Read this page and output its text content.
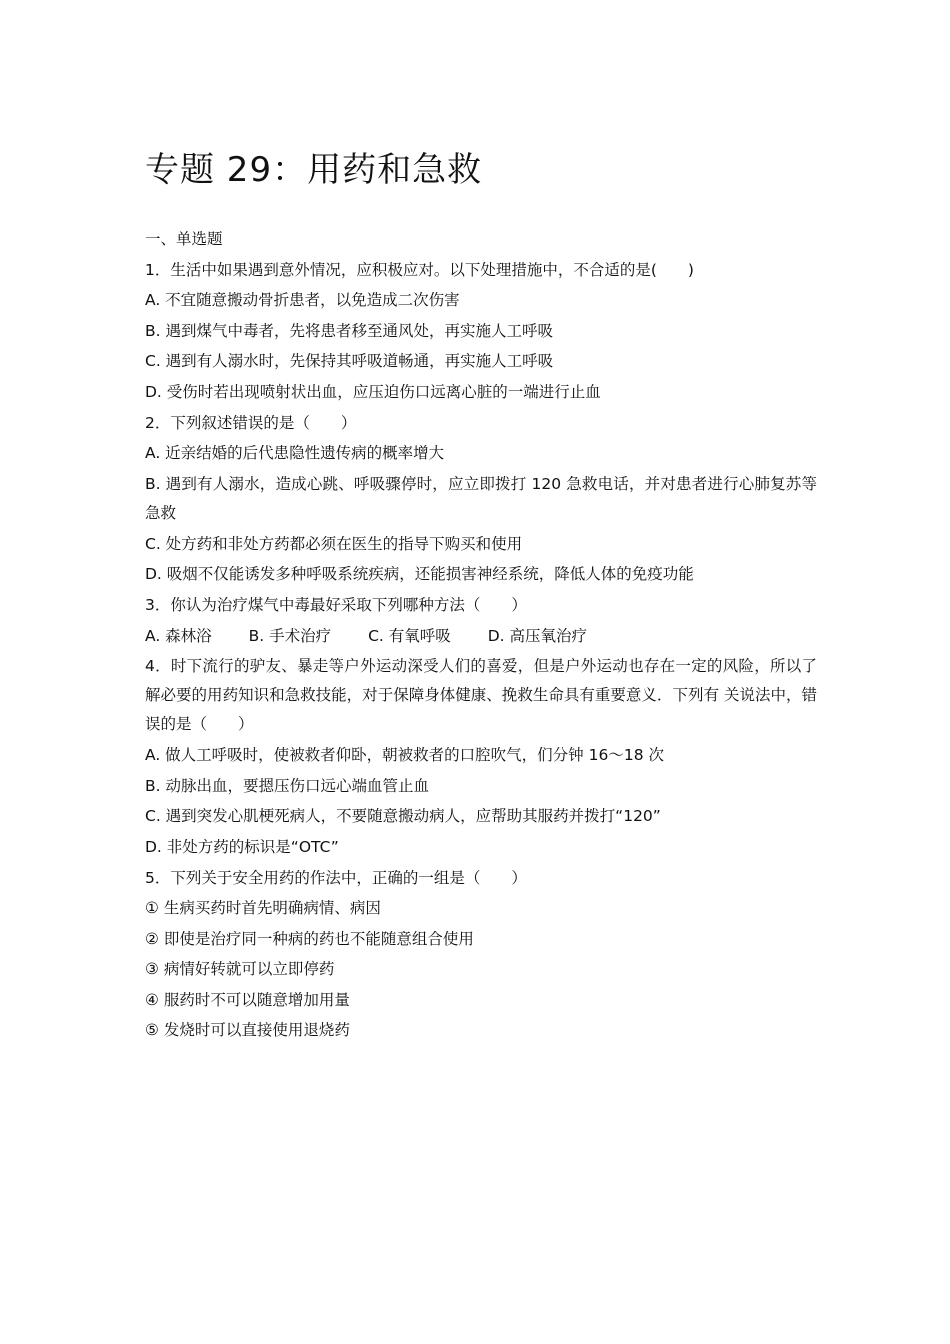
专题 29：用药和急救
一、单选题
1．生活中如果遇到意外情况，应积极应对。以下处理措施中，不合适的是(　　)
A. 不宜随意搬动骨折患者，以免造成二次伤害
B. 遇到煤气中毒者，先将患者移至通风处，再实施人工呼吸
C. 遇到有人溺水时，先保持其呼吸道畅通，再实施人工呼吸
D. 受伤时若出现喷射状出血，应压迫伤口远离心脏的一端进行止血
2．下列叙述错误的是（　　）
A. 近亲结婚的后代患隐性遗传病的概率增大
B. 遇到有人溺水，造成心跳、呼吸骤停时，应立即拨打 120 急救电话，并对患者进行心肺复苏等急救
C. 处方药和非处方药都必须在医生的指导下购买和使用
D. 吸烟不仅能诱发多种呼吸系统疾病，还能损害神经系统，降低人体的免疫功能
3．你认为治疗煤气中毒最好采取下列哪种方法（　　）
A. 森林浴 B. 手术治疗 C. 有氧呼吸 D. 高压氧治疗
4．时下流行的驴友、暴走等户外运动深受人们的喜爱，但是户外运动也存在一定的风险，所以了解必要的用药知识和急救技能，对于保障身体健康、挽救生命具有重要意义．下列有 关说法中，错误的是（　　）
A. 做人工呼吸时，使被救者仰卧，朝被救者的口腔吹气，们分钟 16～18 次
B. 动脉出血，要摁压伤口远心端血管止血
C. 遇到突发心肌梗死病人，不要随意搬动病人，应帮助其服药并拨打“120”
D. 非处方药的标识是“OTC”
5．下列关于安全用药的作法中，正确的一组是（　　）
① 生病买药时首先明确病情、病因
② 即使是治疗同一种病的药也不能随意组合使用
③ 病情好转就可以立即停药
④ 服药时不可以随意增加用量
⑤ 发烧时可以直接使用退烧药
